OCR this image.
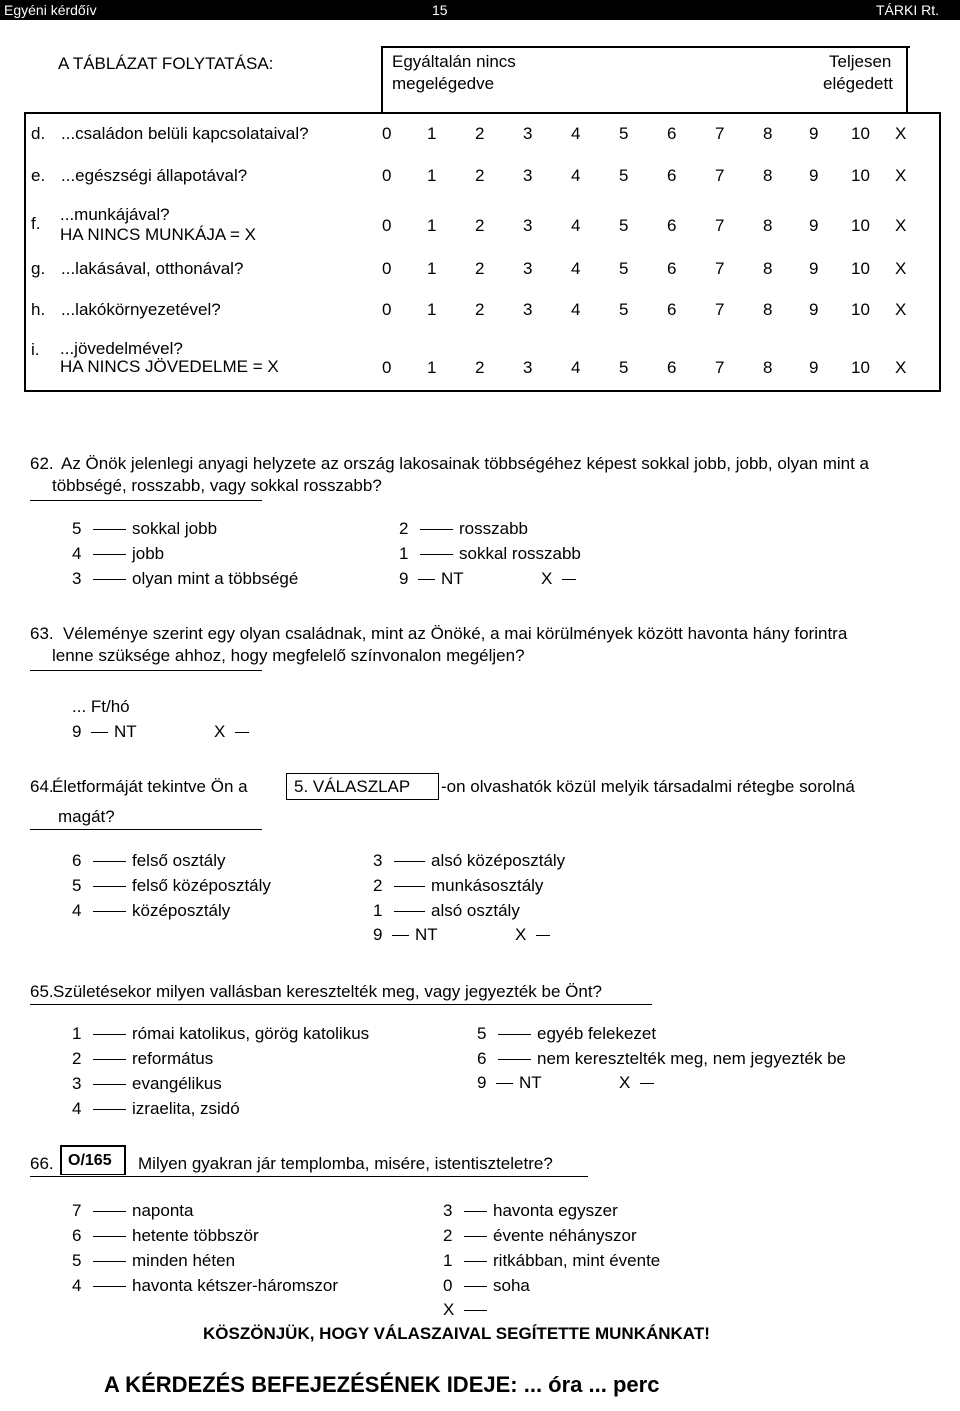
Egyéni kérdőív	15	TÁRKI Rt.
A TÁBLÁZAT FOLYTATÁSA:	Egyáltalán nincs
megelégedve
Teljesen
elégedett
d. ...családon belüli kapcsolataival?	0 1 2 3 4 5 6 7 8 9 10 X
e. ...egészségi állapotával?	0 1 2 3 4 5 6 7 8 9 10 X
f. ...munkájával?
HA NINCS MUNKÁJA = X	0 1 2 3 4 5 6 7 8 9 10 X
g. ...lakásával, otthonával?	0 1 2 3 4 5 6 7 8 9 10 X
h. ...lakókörnyezetével?	0 1 2 3 4 5 6 7 8 9 10 X
i. ...jövedelmével?
HA NINCS JÖVEDELME = X	0 1 2 3 4 5 6 7 8 9 10 X
62. Az Önök jelenlegi anyagi helyzete az ország lakosainak többségéhez képest sokkal jobb, jobb, olyan mint a
többségé, rosszabb, vagy sokkal rosszabb?
5	sokkal jobb
4	jobb
3	olyan mint a többségé
2	rosszabb
1	sokkal rosszabb
9 NT	X
63. Véleménye szerint egy olyan családnak, mint az Önöké, a mai körülmények között havonta hány forintra
lenne szüksége ahhoz, hogy megfelelő színvonalon megéljen?
... Ft/hó
9 NT	X
64.
Életformáját tekintve Ön a	5. VÁLASZLAP -on olvashatók közül melyik társadalmi rétegbe sorolná
magát?
6	felső osztály
5	felső középosztály
4	középosztály
3	alsó középosztály
2	munkásosztály
1	alsó osztály
9 NT	X
65. Születésekor milyen vallásban keresztelték meg, vagy jegyezték be Önt?
1	római katolikus, görög katolikus
2	református
3	evangélikus
4	izraelita, zsidó
5	egyéb felekezet
6	nem keresztelték meg, nem jegyezték be
9 NT	X
66. O/165 Milyen gyakran jár templomba, misére, istentiszteletre?
7	naponta
6	hetente többször
5	minden héten
4	havonta kétszer-háromszor
3 havonta egyszer
2 évente néhányszor
1 ritkábban, mint évente
0 soha
X
KÖSZÖNJÜK, HOGY VÁLASZAIVAL SEGÍTETTE MUNKÁNKAT!
A KÉRDEZÉS BEFEJEZÉSÉNEK IDEJE: ... óra ... perc
